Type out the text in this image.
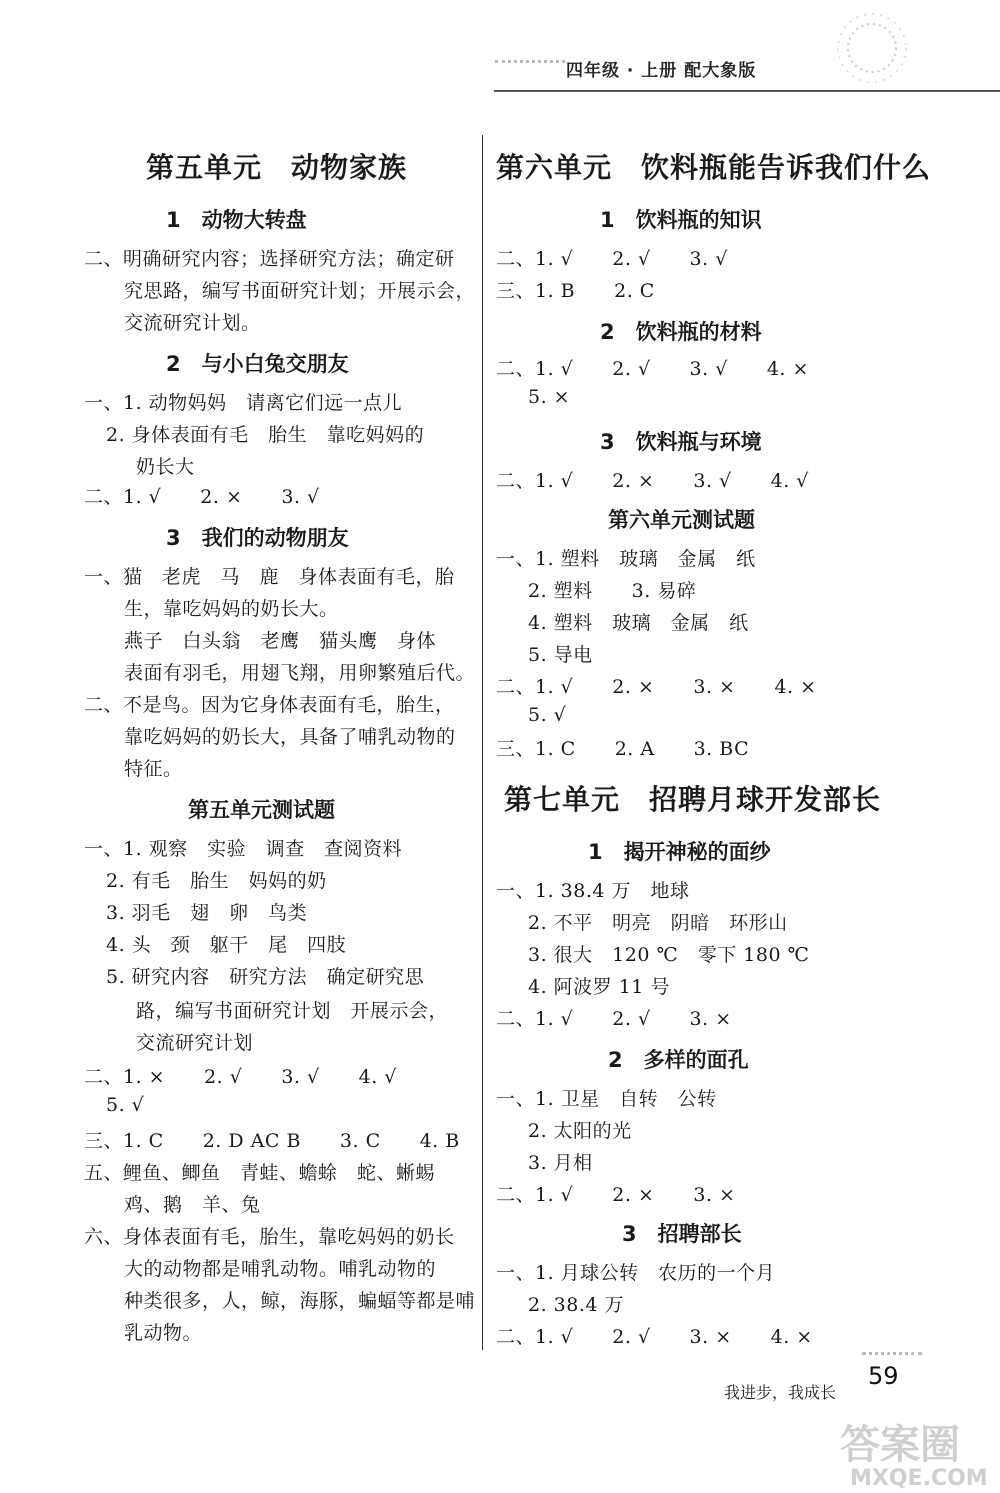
四年级 · 上册 配大象版
第五单元　动物家族
1　动物大转盘
二、明确研究内容；选择研究方法；确定研
究思路，编写书面研究计划；开展示会，
交流研究计划。
2　与小白兔交朋友
一、1. 动物妈妈　请离它们远一点儿
2. 身体表面有毛　胎生　靠吃妈妈的
奶长大
二、1. √　　2. ×　　3. √
3　我们的动物朋友
一、猫　老虎　马　鹿　身体表面有毛，胎
生，靠吃妈妈的奶长大。
燕子　白头翁　老鹰　猫头鹰　身体
表面有羽毛，用翅飞翔，用卵繁殖后代。
二、不是鸟。因为它身体表面有毛，胎生，
靠吃妈妈的奶长大，具备了哺乳动物的
特征。
第五单元测试题
一、1. 观察　实验　调查　查阅资料
2. 有毛　胎生　妈妈的奶
3. 羽毛　翅　卵　鸟类
4. 头　颈　躯干　尾　四肢
5. 研究内容　研究方法　确定研究思
路，编写书面研究计划　开展示会，
交流研究计划
二、1. ×　　2. √　　3. √　　4. √
5. √
三、1. C　　2. D AC B　　3. C　　4. B
五、鲤鱼、鲫鱼　青蛙、蟾蜍　蛇、蜥蜴
鸡、鹅　羊、兔
六、身体表面有毛，胎生，靠吃妈妈的奶长
大的动物都是哺乳动物。哺乳动物的
种类很多，人，鲸，海豚，蝙蝠等都是哺
乳动物。
第六单元　饮料瓶能告诉我们什么
1　饮料瓶的知识
二、1. √　　2. √　　3. √
三、1. B　　2. C
2　饮料瓶的材料
二、1. √　　2. √　　3. √　　4. ×
5. ×
3　饮料瓶与环境
二、1. √　　2. ×　　3. √　　4. √
第六单元测试题
一、1. 塑料　玻璃　金属　纸
2. 塑料　　3. 易碎
4. 塑料　玻璃　金属　纸
5. 导电
二、1. √　　2. ×　　3. ×　　4. ×
5. √
三、1. C　　2. A　　3. BC
第七单元　招聘月球开发部长
1　揭开神秘的面纱
一、1. 38.4 万　地球
2. 不平　明亮　阴暗　环形山
3. 很大　120 ℃　零下 180 ℃
4. 阿波罗 11 号
二、1. √　　2. √　　3. ×
2　多样的面孔
一、1. 卫星　自转　公转
2. 太阳的光
3. 月相
二、1. √　　2. ×　　3. ×
3　招聘部长
一、1. 月球公转　农历的一个月
2. 38.4 万
二、1. √　　2. √　　3. ×　　4. ×
我进步，我成长
59
答案圈
MXQE.COM
